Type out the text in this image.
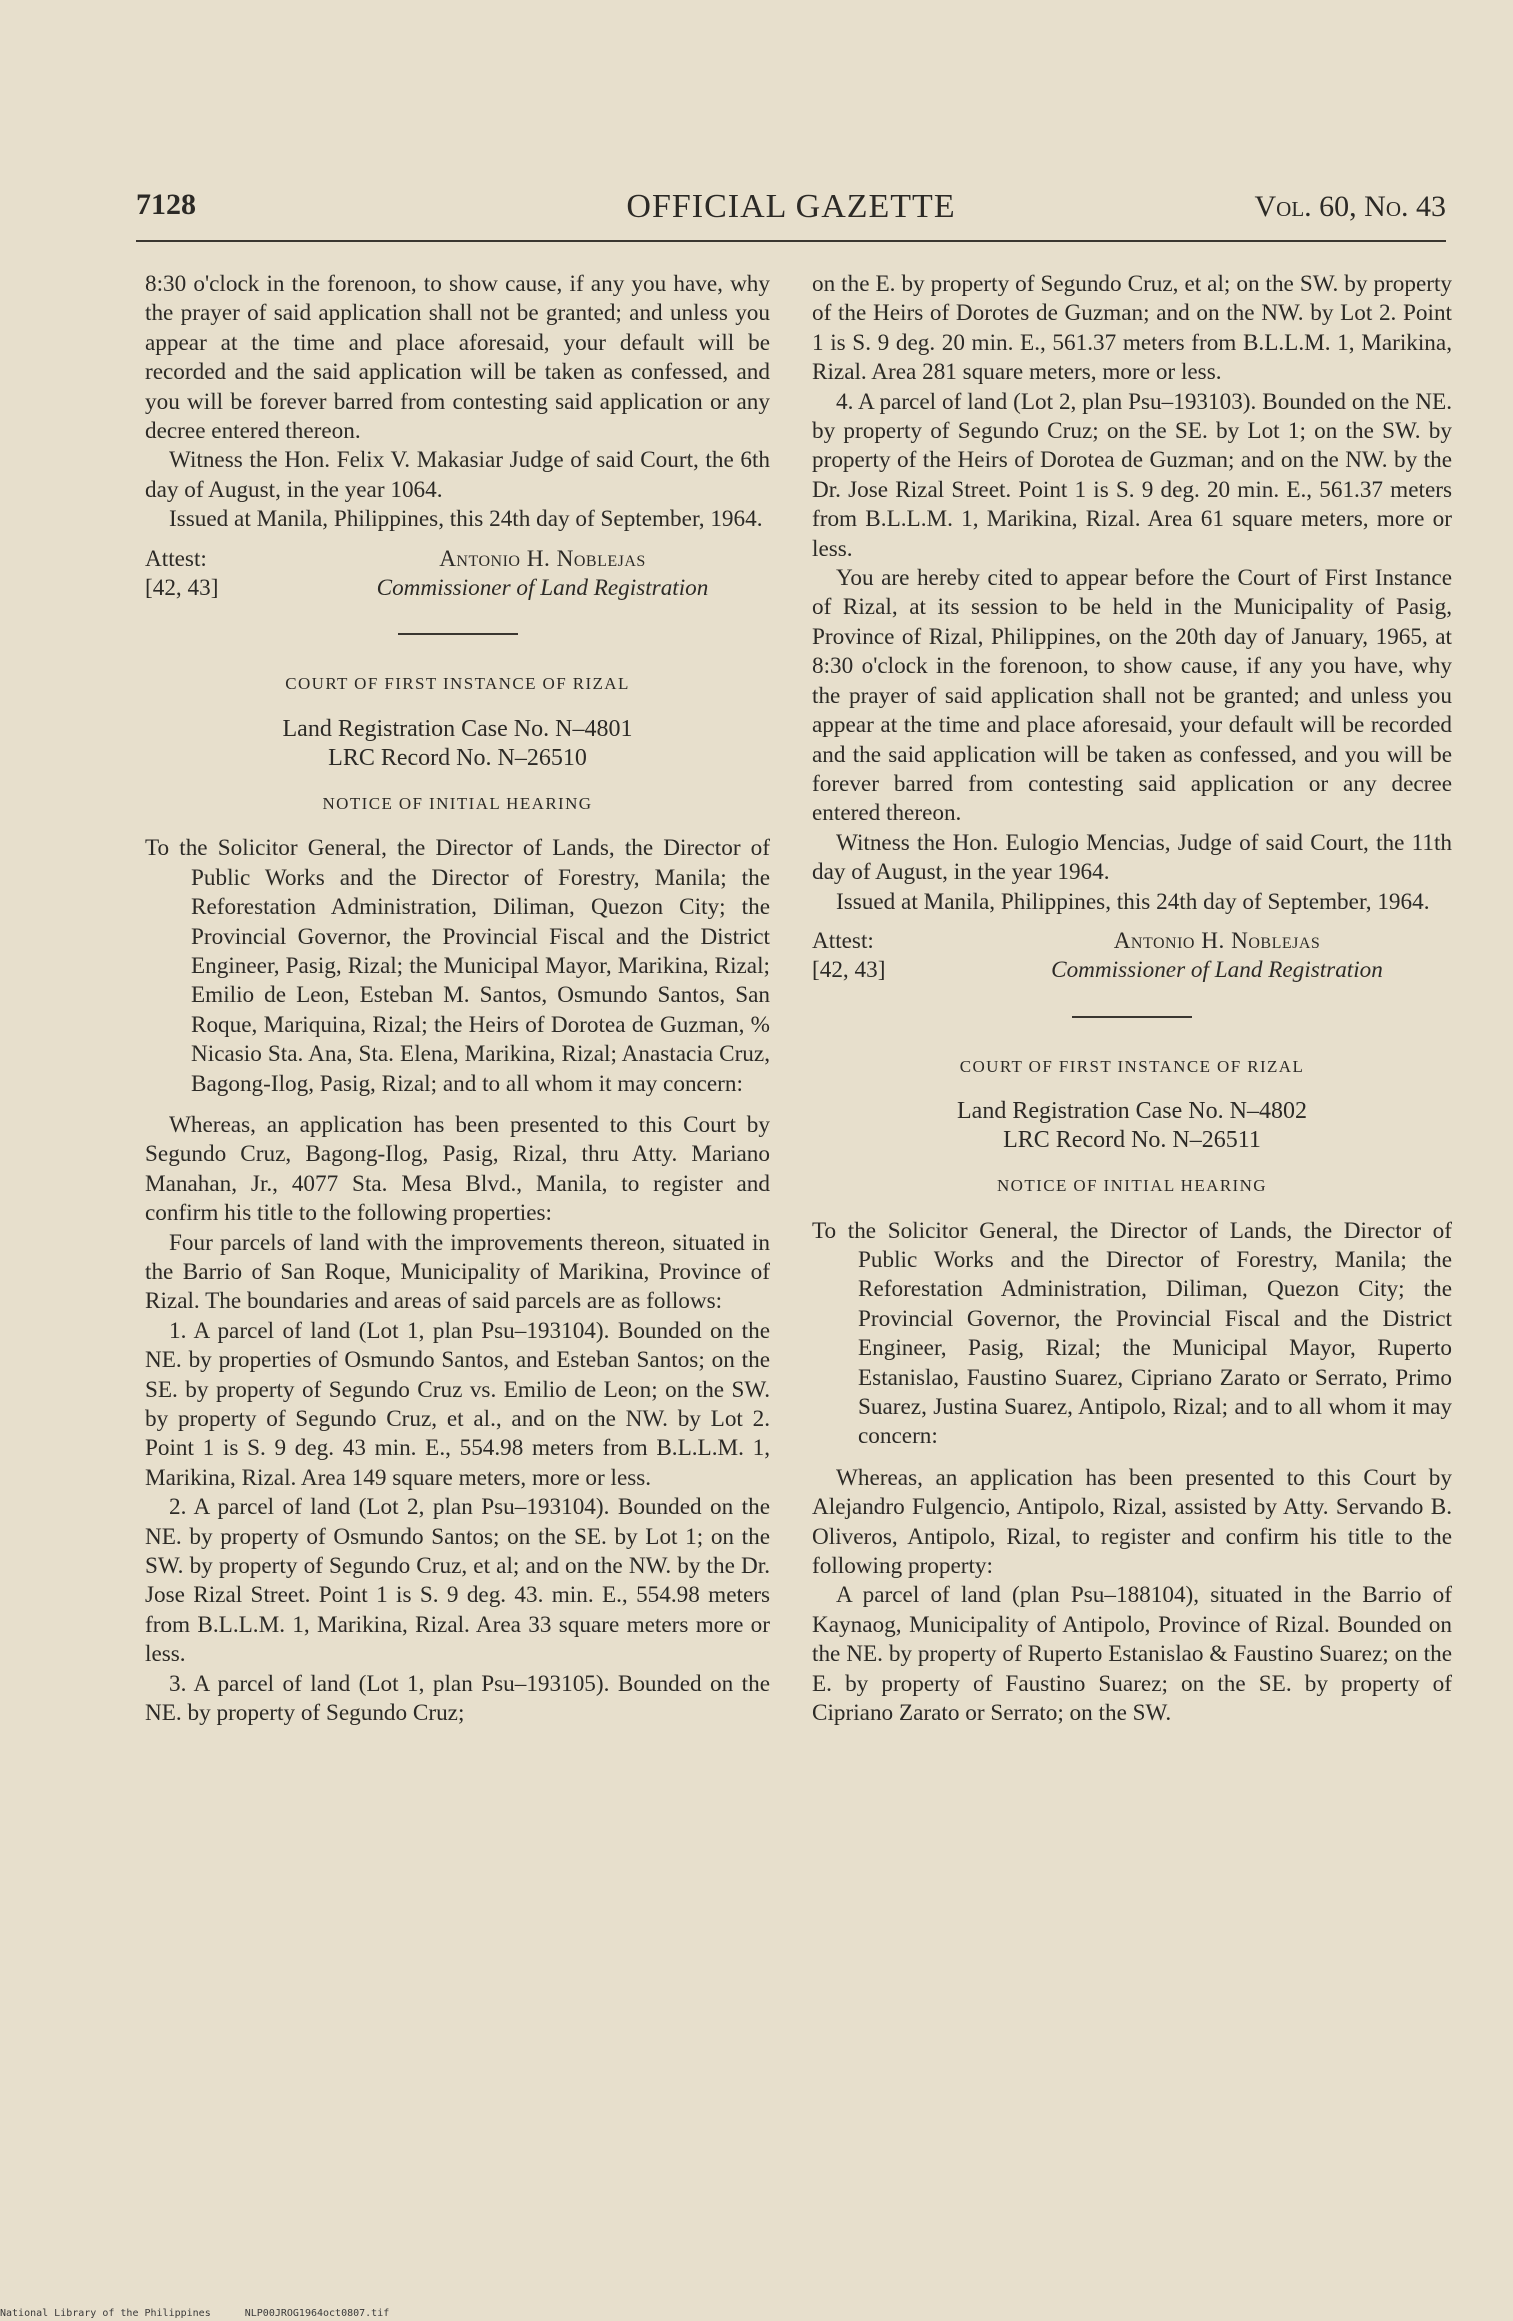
7128	OFFICIAL GAZETTE	Vol. 60, No. 43

8:30 o'clock in the forenoon, to show cause, if any you have, why the prayer of said application shall not be granted; and unless you appear at the time and place aforesaid, your default will be recorded and the said application will be taken as confessed, and you will be forever barred from contesting said application or any decree entered thereon.

Witness the Hon. Felix V. Makasiar Judge of said Court, the 6th day of August, in the year 1064.

Issued at Manila, Philippines, this 24th day of September, 1964.

Attest:
[42, 43]
Antonio H. Noblejas
Commissioner of Land Registration

COURT OF FIRST INSTANCE OF RIZAL

Land Registration Case No. N–4801

LRC Record No. N–26510

NOTICE OF INITIAL HEARING

To the Solicitor General, the Director of Lands, the Director of Public Works and the Director of Forestry, Manila; the Reforestation Administration, Diliman, Quezon City; the Provincial Governor, the Provincial Fiscal and the District Engineer, Pasig, Rizal; the Municipal Mayor, Marikina, Rizal; Emilio de Leon, Esteban M. Santos, Osmundo Santos, San Roque, Mariquina, Rizal; the Heirs of Dorotea de Guzman, % Nicasio Sta. Ana, Sta. Elena, Marikina, Rizal; Anastacia Cruz, Bagong-Ilog, Pasig, Rizal; and to all whom it may concern:

Whereas, an application has been presented to this Court by Segundo Cruz, Bagong-Ilog, Pasig, Rizal, thru Atty. Mariano Manahan, Jr., 4077 Sta. Mesa Blvd., Manila, to register and confirm his title to the following properties:

Four parcels of land with the improvements thereon, situated in the Barrio of San Roque, Municipality of Marikina, Province of Rizal. The boundaries and areas of said parcels are as follows:

1. A parcel of land (Lot 1, plan Psu–193104). Bounded on the NE. by properties of Osmundo Santos, and Esteban Santos; on the SE. by property of Segundo Cruz vs. Emilio de Leon; on the SW. by property of Segundo Cruz, et al., and on the NW. by Lot 2. Point 1 is S. 9 deg. 43 min. E., 554.98 meters from B.L.L.M. 1, Marikina, Rizal. Area 149 square meters, more or less.

2. A parcel of land (Lot 2, plan Psu–193104). Bounded on the NE. by property of Osmundo Santos; on the SE. by Lot 1; on the SW. by property of Segundo Cruz, et al; and on the NW. by the Dr. Jose Rizal Street. Point 1 is S. 9 deg. 43. min. E., 554.98 meters from B.L.L.M. 1, Marikina, Rizal. Area 33 square meters more or less.

3. A parcel of land (Lot 1, plan Psu–193105). Bounded on the NE. by property of Segundo Cruz;

on the E. by property of Segundo Cruz, et al; on the SW. by property of the Heirs of Dorotes de Guzman; and on the NW. by Lot 2. Point 1 is S. 9 deg. 20 min. E., 561.37 meters from B.L.L.M. 1, Marikina, Rizal. Area 281 square meters, more or less.

4. A parcel of land (Lot 2, plan Psu–193103). Bounded on the NE. by property of Segundo Cruz; on the SE. by Lot 1; on the SW. by property of the Heirs of Dorotea de Guzman; and on the NW. by the Dr. Jose Rizal Street. Point 1 is S. 9 deg. 20 min. E., 561.37 meters from B.L.L.M. 1, Marikina, Rizal. Area 61 square meters, more or less.

You are hereby cited to appear before the Court of First Instance of Rizal, at its session to be held in the Municipality of Pasig, Province of Rizal, Philippines, on the 20th day of January, 1965, at 8:30 o'clock in the forenoon, to show cause, if any you have, why the prayer of said application shall not be granted; and unless you appear at the time and place aforesaid, your default will be recorded and the said application will be taken as confessed, and you will be forever barred from contesting said application or any decree entered thereon.

Witness the Hon. Eulogio Mencias, Judge of said Court, the 11th day of August, in the year 1964.

Issued at Manila, Philippines, this 24th day of September, 1964.

Attest:
[42, 43]
Antonio H. Noblejas
Commissioner of Land Registration

COURT OF FIRST INSTANCE OF RIZAL

Land Registration Case No. N–4802

LRC Record No. N–26511

NOTICE OF INITIAL HEARING

To the Solicitor General, the Director of Lands, the Director of Public Works and the Director of Forestry, Manila; the Reforestation Administration, Diliman, Quezon City; the Provincial Governor, the Provincial Fiscal and the District Engineer, Pasig, Rizal; the Municipal Mayor, Ruperto Estanislao, Faustino Suarez, Cipriano Zarato or Serrato, Primo Suarez, Justina Suarez, Antipolo, Rizal; and to all whom it may concern:

Whereas, an application has been presented to this Court by Alejandro Fulgencio, Antipolo, Rizal, assisted by Atty. Servando B. Oliveros, Antipolo, Rizal, to register and confirm his title to the following property:

A parcel of land (plan Psu–188104), situated in the Barrio of Kaynaog, Municipality of Antipolo, Province of Rizal. Bounded on the NE. by property of Ruperto Estanislao & Faustino Suarez; on the E. by property of Faustino Suarez; on the SE. by property of Cipriano Zarato or Serrato; on the SW.

National Library of the Philippines	NLP00JROG1964oct0807.tif
